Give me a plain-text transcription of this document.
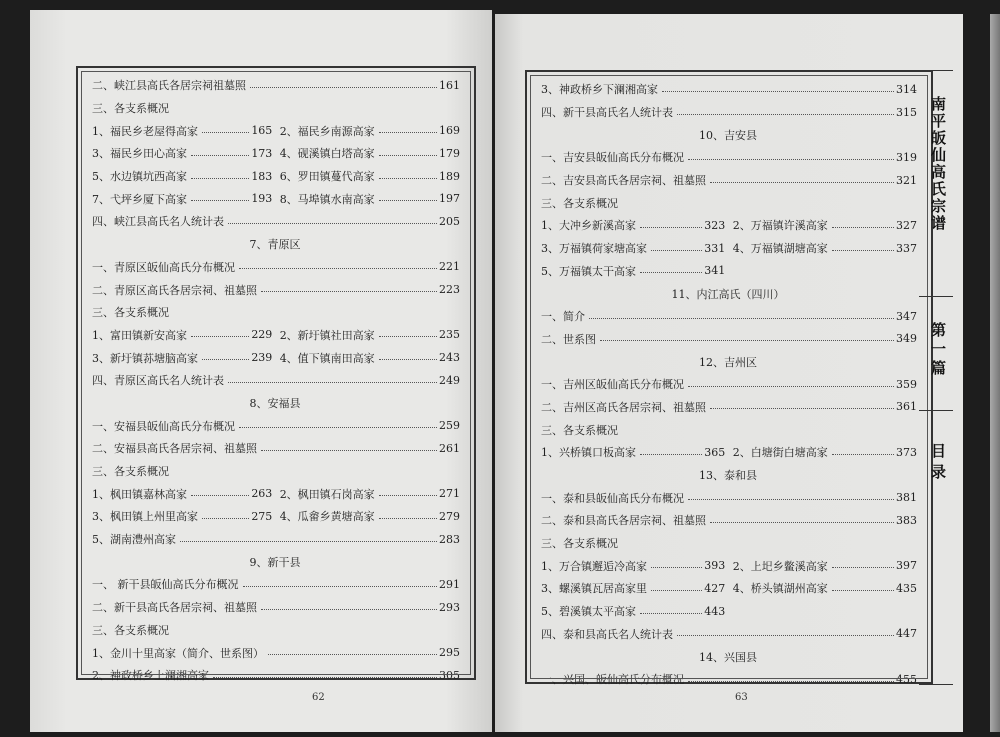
二、峡江县高氏各居宗祠祖墓照	161
三、各支系概况
1、福民乡老屋得高家	165 2、福民乡南源高家	169
3、福民乡田心高家	173 4、砚溪镇白塔高家	179
5、水边镇坑西高家	183 6、罗田镇蔓代高家	189
7、弋坪乡厦下高家	193 8、马埠镇水南高家	197
四、峡江县高氏名人统计表	205
7、青原区
一、青原区皈仙高氏分布概况	221
二、青原区高氏各居宗祠、祖墓照	223
三、各支系概况
1、富田镇新安高家	229 2、新圩镇社田高家	235
3、新圩镇荪塘脑高家	239 4、值下镇南田高家	243
四、青原区高氏名人统计表	249
8、安福县
一、安福县皈仙高氏分布概况	259
二、安福县高氏各居宗祠、祖墓照	261
三、各支系概况
1、枫田镇嘉林高家	263 2、枫田镇石岗高家	271
3、枫田镇上州里高家	275 4、瓜畲乡黄塘高家	279
5、湖南澧州高家	283
9、新干县
一、 新干县皈仙高氏分布概况	291
二、新干县高氏各居宗祠、祖墓照	293
三、各支系概况
1、金川十里高家（简介、世系图）	295
2、神政桥乡上澜湘高家	305
62
3、神政桥乡下澜湘高家	314
四、新干县高氏名人统计表	315
10、吉安县
一、吉安县皈仙高氏分布概况	319
二、吉安县高氏各居宗祠、祖墓照	321
三、各支系概况
1、大冲乡新溪高家	323 2、万福镇许溪高家	327
3、万福镇荷家塘高家	331 4、万福镇湖塘高家	337
5、万福镇太干高家	341
11、内江高氏（四川）
一、简介	347
二、世系图	349
12、吉州区
一、吉州区皈仙高氏分布概况	359
二、吉州区高氏各居宗祠、祖墓照	361
三、各支系概况
1、兴桥镇口板高家	365 2、白塘街白塘高家	373
13、泰和县
一、泰和县皈仙高氏分布概况	381
二、泰和县高氏各居宗祠、祖墓照	383
三、各支系概况
1、万合镇邂逅冷高家	393 2、上圯乡鳖溪高家	397
3、螺溪镇瓦居高家里	427 4、桥头镇湖州高家	435
5、碧溪镇太平高家	443
四、泰和县高氏名人统计表	447
14、兴国县
一、兴国、皈仙高氏分布概况	455
63
南平皈仙高氏宗谱
第一篇
目录
